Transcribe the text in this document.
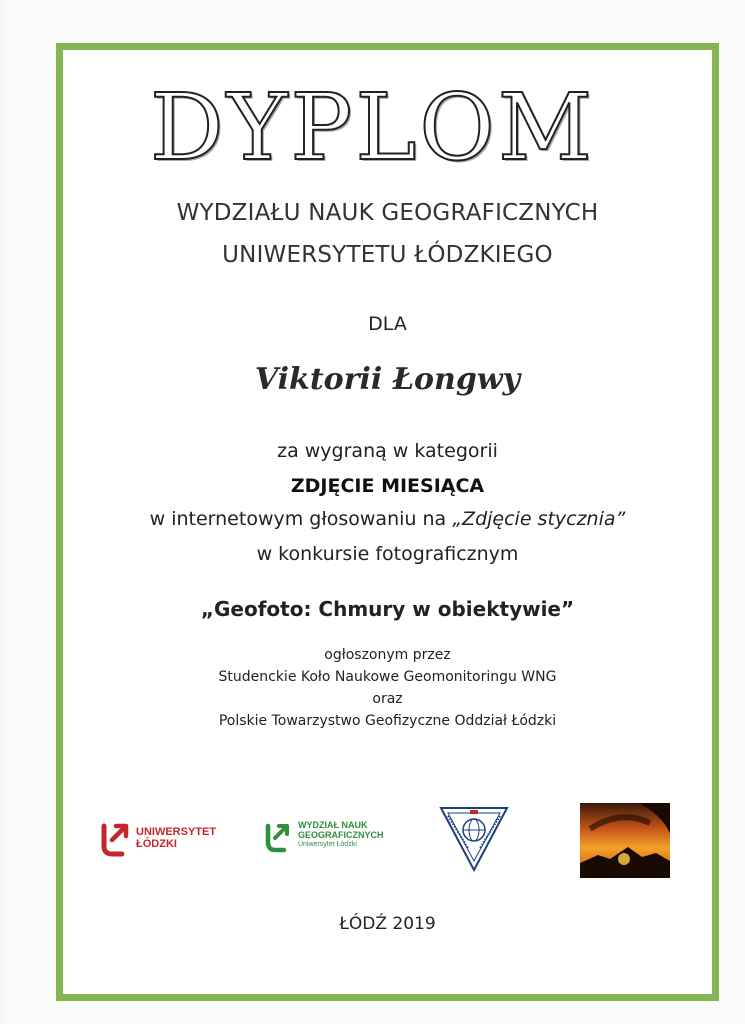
DYPLOM
WYDZIAŁU NAUK GEOGRAFICZNYCH
UNIWERSYTETU ŁÓDZKIEGO
DLA
Viktorii Łongwy
za wygraną w kategorii
ZDJĘCIE MIESIĄCA
w internetowym głosowaniu na „Zdjęcie stycznia”
w konkursie fotograficznym
„Geofoto: Chmury w obiektywie”
ogłoszonym przez
Studenckie Koło Naukowe Geomonitoringu WNG
oraz
Polskie Towarzystwo Geofizyczne Oddział Łódzki
UNIWERSYTET
ŁÓDZKI
WYDZIAŁ NAUK
GEOGRAFICZNYCH
Uniwersytet Łódzki
ŁÓDŹ 2019
